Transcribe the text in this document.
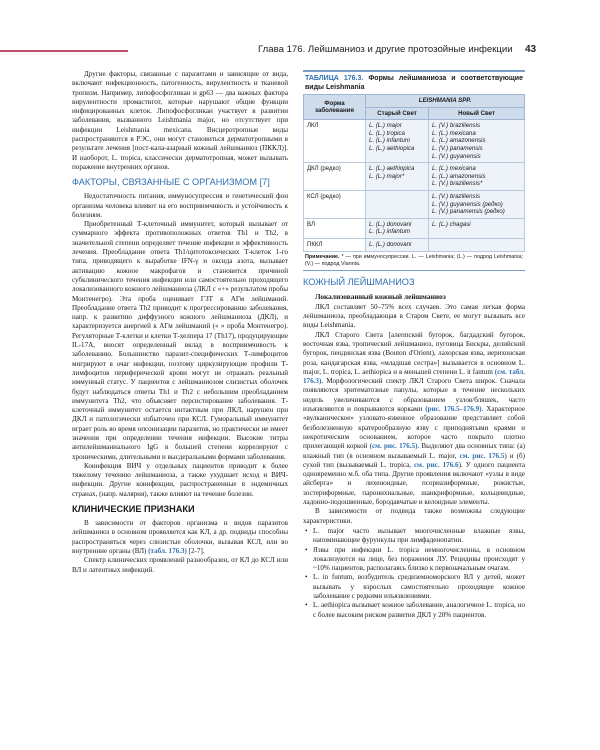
Глава 176. Лейшманиоз и другие протозойные инфекции 43

Другие факторы, связанные с паразитами и зависящие от вида, включают инфекционность, патогенность, вирулентность и тканевой тропизм. Например, липофосфогликан и gp63 — два важных фактора вирулентности промастигот, которые нарушают общие функции инфицированных клеток. Липофосфогликан участвует в развитии заболевания, вызванного Leishmania major, но отсутствует при инфекции Leishmania mexicana. Висцеротропные виды распространяются в РЭС, они могут становиться дерматотропными в результате лечения [пост-кала-азарный кожный лейшманиоз (ПККЛ)]. И наоборот, L. tropica, классически дерматотропная, может вызывать поражение внутренних органов.

ФАКТОРЫ, СВЯЗАННЫЕ С ОРГАНИЗМОМ [7]

Недостаточность питания, иммуносупрессия и генетический фон организма человека влияют на его восприимчивость и устойчивость к болезням.

Приобретенный Т-клеточный иммунитет, который вызывает от суммарного эффекта противоположных ответов Th1 и Th2, в значительной степени определяет течение инфекции и эффективность лечения. Преобладание ответа Th1/цитотоксических Т-клеток 1-го типа, приводящего к выработке IFN-γ и оксида азота, вызывает активацию кожное макрофагов и становится причиной субклинического течения инфекции или самостоятельно проходящего локализованного кожного лейшманиоза (ЛКЛ с «+» результатом пробы Монтенегро). Эта проба оценивает ГЗТ к АГм лейшманий. Преобладание ответа Th2 приводит к прогрессированию заболевания, напр. к развитию диффузного кожного лейшманиоза (ДКЛ), и характеризуется анергией к АГм лейшманий (« » проба Монтенегро). Регуляторные Т-клетки и клетки Т-хелпера 17 (Th17), продуцирующие IL-17A, вносят определенный вклад в восприимчивость к заболеванию. Большинство паразит-специфических Т-лимфоцитов мигрируют в очаг инфекции, поэтому циркулирующие профили Т-лимфоцитов периферической крови могут не отражать реальный иммунный статус. У пациентов с лейшманиозом слизистых оболочек будут наблюдаться ответы Th1 и Th2 с небольшим преобладанием иммунитета Th2, что объясняет персистирование заболевания. Т-клеточный иммунитет остается интактным при ЛКЛ, нарушен при ДКЛ и патологически избыточен при КСЛ. Гуморальный иммунитет играет роль во время опсонизации паразитов, но практически не имеет значения при определении течения инфекции. Высокие титры антилейшманиального IgG в большей степени коррелируют с хроническими, длительными и высдеральными формами заболевания.

Коинфекция ВИЧ у отдельных пациентов приводит к более тяжелому течению лейшманиоза, а также ухудшает исход и ВИЧ-инфекции. Другие коинфекции, распространенные в эндемичных странах, (напр. малярия), также влияют на течение болезни.

КЛИНИЧЕСКИЕ ПРИЗНАКИ

В зависимости от факторов организма и видов паразитов лейшманиоз в основном проявляется как КЛ, а др. подвиды способны распространяться через слизистые оболочки, вызывая КСЛ, или во внутренние органы (ВЛ) (табл. 176.3) [2-7].

Спектр клинических проявлений разнообразен, от КЛ до КСЛ или ВЛ и латентных инфекций.

ТАБЛИЦА 176.3. Формы лейшманиоза и соответствующие виды Leishmania
Форма заболевания	LEISHMANIA SPP.	
	Старый Свет	Новый Свет
ЛКЛ	L. (L.) major
L. (L.) tropica
L. (L.) infantum
L. (L.) aethiopica	L. (V.) braziliensis
L. (L.) mexicana
L. (L.) amazonensis
L. (V.) panamensis
L. (V.) guyanensis

ДКЛ (редко)	L. (L.) aethiopica
L. (L.) major*	L. (L.) mexicana
L. (L.) amazonensis
L. (V.) braziliensis*

КСЛ (редко)		L. (V.) braziliensis
L. (V.) guyanensis (редко)
L. (V.) panamensis (редко)

ВЛ	L. (L.) donovani
L. (L.) infantum	L. (L.) chagasi

ПККЛ	L. (L.) donovani	

Примечание. * — при иммуносупрессии. L. — Leishmania; (L.) — подрод Leishmania; (V.) — подрод Viannia.
КОЖНЫЙ ЛЕЙШМАНИОЗ
Локализованный кожный лейшманиоз

ЛКЛ составляет 50–75% всех случаев. Это самая легкая форма лейшманиоза, преобладающая в Старом Свете, ее могут вызывать все виды Leishmania.

ЛКЛ Старого Света [алеппский бугорок, багдадский бугорок, восточная язва, тропический лейшманиоз, пуговица Бискры, делийский бугорок, пендинская язва (Bouton d'Orient), лахорская язва, иерихонская роза, кандагарская язва, «младшая сестра»] вызывается в основном L. major, L. tropica, L. aethiopica и в меньшей степени L. it fantum (см. табл. 176.3). Морфологический спектр ЛКЛ Старого Света широк. Сначала появляются эритематозные папулы, которые в течение нескольких недель увеличиваются с образованием узлов/бляшек, часто изъязвляются и покрываются корками (рис. 176.5–176.9). Характерное «вулканическое» узловато-язвенное образование представляет собой безболезненную кратерообразную язву с приподнятыми краями и некротическим основанием, которое часто покрыто плотно прилегающей коркой (см. рис. 176.5). Выделяют два основных типа: (а) влажный тип (в основном вызываемый L. major, см. рис. 176.5) и (б) сухой тип (вызываемый L. tropica, см. рис. 176.6). У одного пациента одновременно м.б. оба типа. Другие проявления включают «узлы в виде айсберга» и лихеноидные, псориазиформные, рожистые, зостериформные, паронихиальные, шанкриформные, кольцевидные, ладонно-подошвенные, бородавчатые и келоидные элементы.

В зависимости от подвида также возможны следующие характеристики.

• L. major часто вызывает многочисленные влажные язвы, напоминающие фурункулы при лимфаденопатии.
• Язвы при инфекции L. tropica немногочисленны, в основном локализуются на лице, без поражения ЛУ. Рецидивы происходят у ~10% пациентов, располагаясь близко к первоначальным очагам.
• L. in funtum, возбудитель средиземноморского ВЛ у детей, может вызывать у взрослых самостоятельно проходящее кожное заболевание с редкими изъязвлениями.
• L. aethiopica вызывает кожное заболевание, аналогичное L. tropica, но с более высоким риском развития ДКЛ у 20% пациентов.
